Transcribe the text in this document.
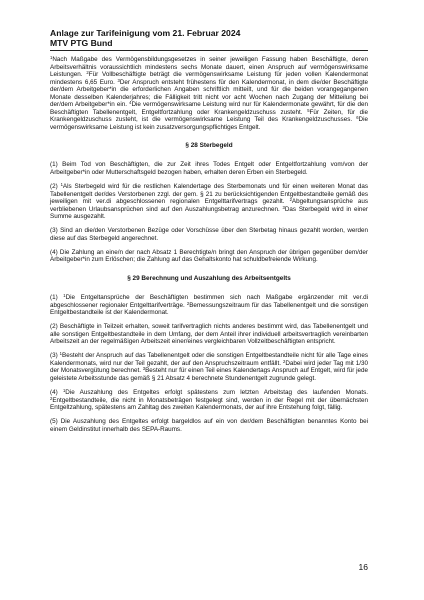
Anlage zur Tarifeinigung vom 21. Februar 2024

MTV PTG Bund

$^1$Nach Maßgabe des Vermögensbildungsgesetzes in seiner jeweiligen Fassung haben Beschäftigte, deren Arbeitsverhältnis voraussichtlich mindestens sechs Monate dauert, einen Anspruch auf vermögenswirksame Leistungen. $^2$Für Vollbeschäftigte beträgt die vermögenswirksame Leistung für jeden vollen Kalendermonat mindestens 6,65 Euro. $^3$Der Anspruch entsteht frühestens für den Kalendermonat, in dem die/der Beschäftigte der/dem Arbeitgeber*in die erforderlichen Angaben schriftlich mitteilt, und für die beiden vorangegangenen Monate desselben Kalenderjahres; die Fälligkeit tritt nicht vor acht Wochen nach Zugang der Mitteilung bei der/dem Arbeitgeber*in ein. $^4$Die vermögenswirksame Leistung wird nur für Kalendermonate gewährt, für die den Beschäftigten Tabellenentgelt, Entgeltfortzahlung oder Krankengeldzuschuss zusteht. $^5$Für Zeiten, für die Krankengeldzuschuss zusteht, ist die vermögenswirksame Leistung Teil des Krankengeldzuschusses. $^6$Die vermögenswirksame Leistung ist kein zusatzversorgungspflichtiges Entgelt.

§ 28 Sterbegeld

(1) Beim Tod von Beschäftigten, die zur Zeit ihres Todes Entgelt oder Entgeltfortzahlung vom/von der Arbeitgeber*in oder Mutterschaftsgeld bezogen haben, erhalten deren Erben ein Sterbegeld.

(2) $^1$Als Sterbegeld wird für die restlichen Kalendertage des Sterbemonats und für einen weiteren Monat das Tabellenentgelt der/des Verstorbenen zzgl. der gem. § 21 zu berücksichtigenden Entgeltbestandteile gemäß des jeweiligen mit ver.di abgeschlossenen regionalen Entgelttarifvertrags gezahlt. $^2$Abgeltungsansprüche aus verbliebenen Urlaubsansprüchen sind auf den Auszahlungsbetrag anzurechnen. $^3$Das Sterbegeld wird in einer Summe ausgezahlt.

(3) Sind an die/den Verstorbenen Bezüge oder Vorschüsse über den Sterbetag hinaus gezahlt worden, werden diese auf das Sterbegeld angerechnet.

(4) Die Zahlung an eine/n der nach Absatz 1 Berechtigte/n bringt den Anspruch der übrigen gegenüber dem/der Arbeitgeber*in zum Erlöschen; die Zahlung auf das Gehaltskonto hat schuldbefreiende Wirkung.

§ 29 Berechnung und Auszahlung des Arbeitsentgelts

(1) $^1$Die Entgeltansprüche der Beschäftigten bestimmen sich nach Maßgabe ergänzender mit ver.di abgeschlossener regionaler Entgelttarifverträge. $^2$Bemessungszeitraum für das Tabellenentgelt und die sonstigen Entgeltbestandteile ist der Kalendermonat.

(2) Beschäftigte in Teilzeit erhalten, soweit tarifvertraglich nichts anderes bestimmt wird, das Tabellenentgelt und alle sonstigen Entgeltbestandteile in dem Umfang, der dem Anteil ihrer individuell arbeitsvertraglich vereinbarten Arbeitszeit an der regelmäßigen Arbeitszeit einer/eines vergleichbaren Vollzeitbeschäftigten entspricht.

(3) $^1$Besteht der Anspruch auf das Tabellenentgelt oder die sonstigen Entgeltbestandteile nicht für alle Tage eines Kalendermonats, wird nur der Teil gezahlt, der auf den Anspruchszeitraum entfällt. $^2$Dabei wird jeder Tag mit 1/30 der Monatsvergütung berechnet. $^3$Besteht nur für einen Teil eines Kalendertags Anspruch auf Entgelt, wird für jede geleistete Arbeitsstunde das gemäß § 21 Absatz 4 berechnete Stundenentgelt zugrunde gelegt.

(4) $^1$Die Auszahlung des Entgeltes erfolgt spätestens zum letzten Arbeitstag des laufenden Monats. $^2$Entgeltbestandteile, die nicht in Monatsbeträgen festgelegt sind, werden in der Regel mit der übernächsten Entgeltzahlung, spätestens am Zahltag des zweiten Kalendermonats, der auf ihre Entstehung folgt, fällig.

(5) Die Auszahlung des Entgeltes erfolgt bargeldlos auf ein von der/dem Beschäftigten benanntes Konto bei einem Geldinstitut innerhalb des SEPA-Raums.

16
